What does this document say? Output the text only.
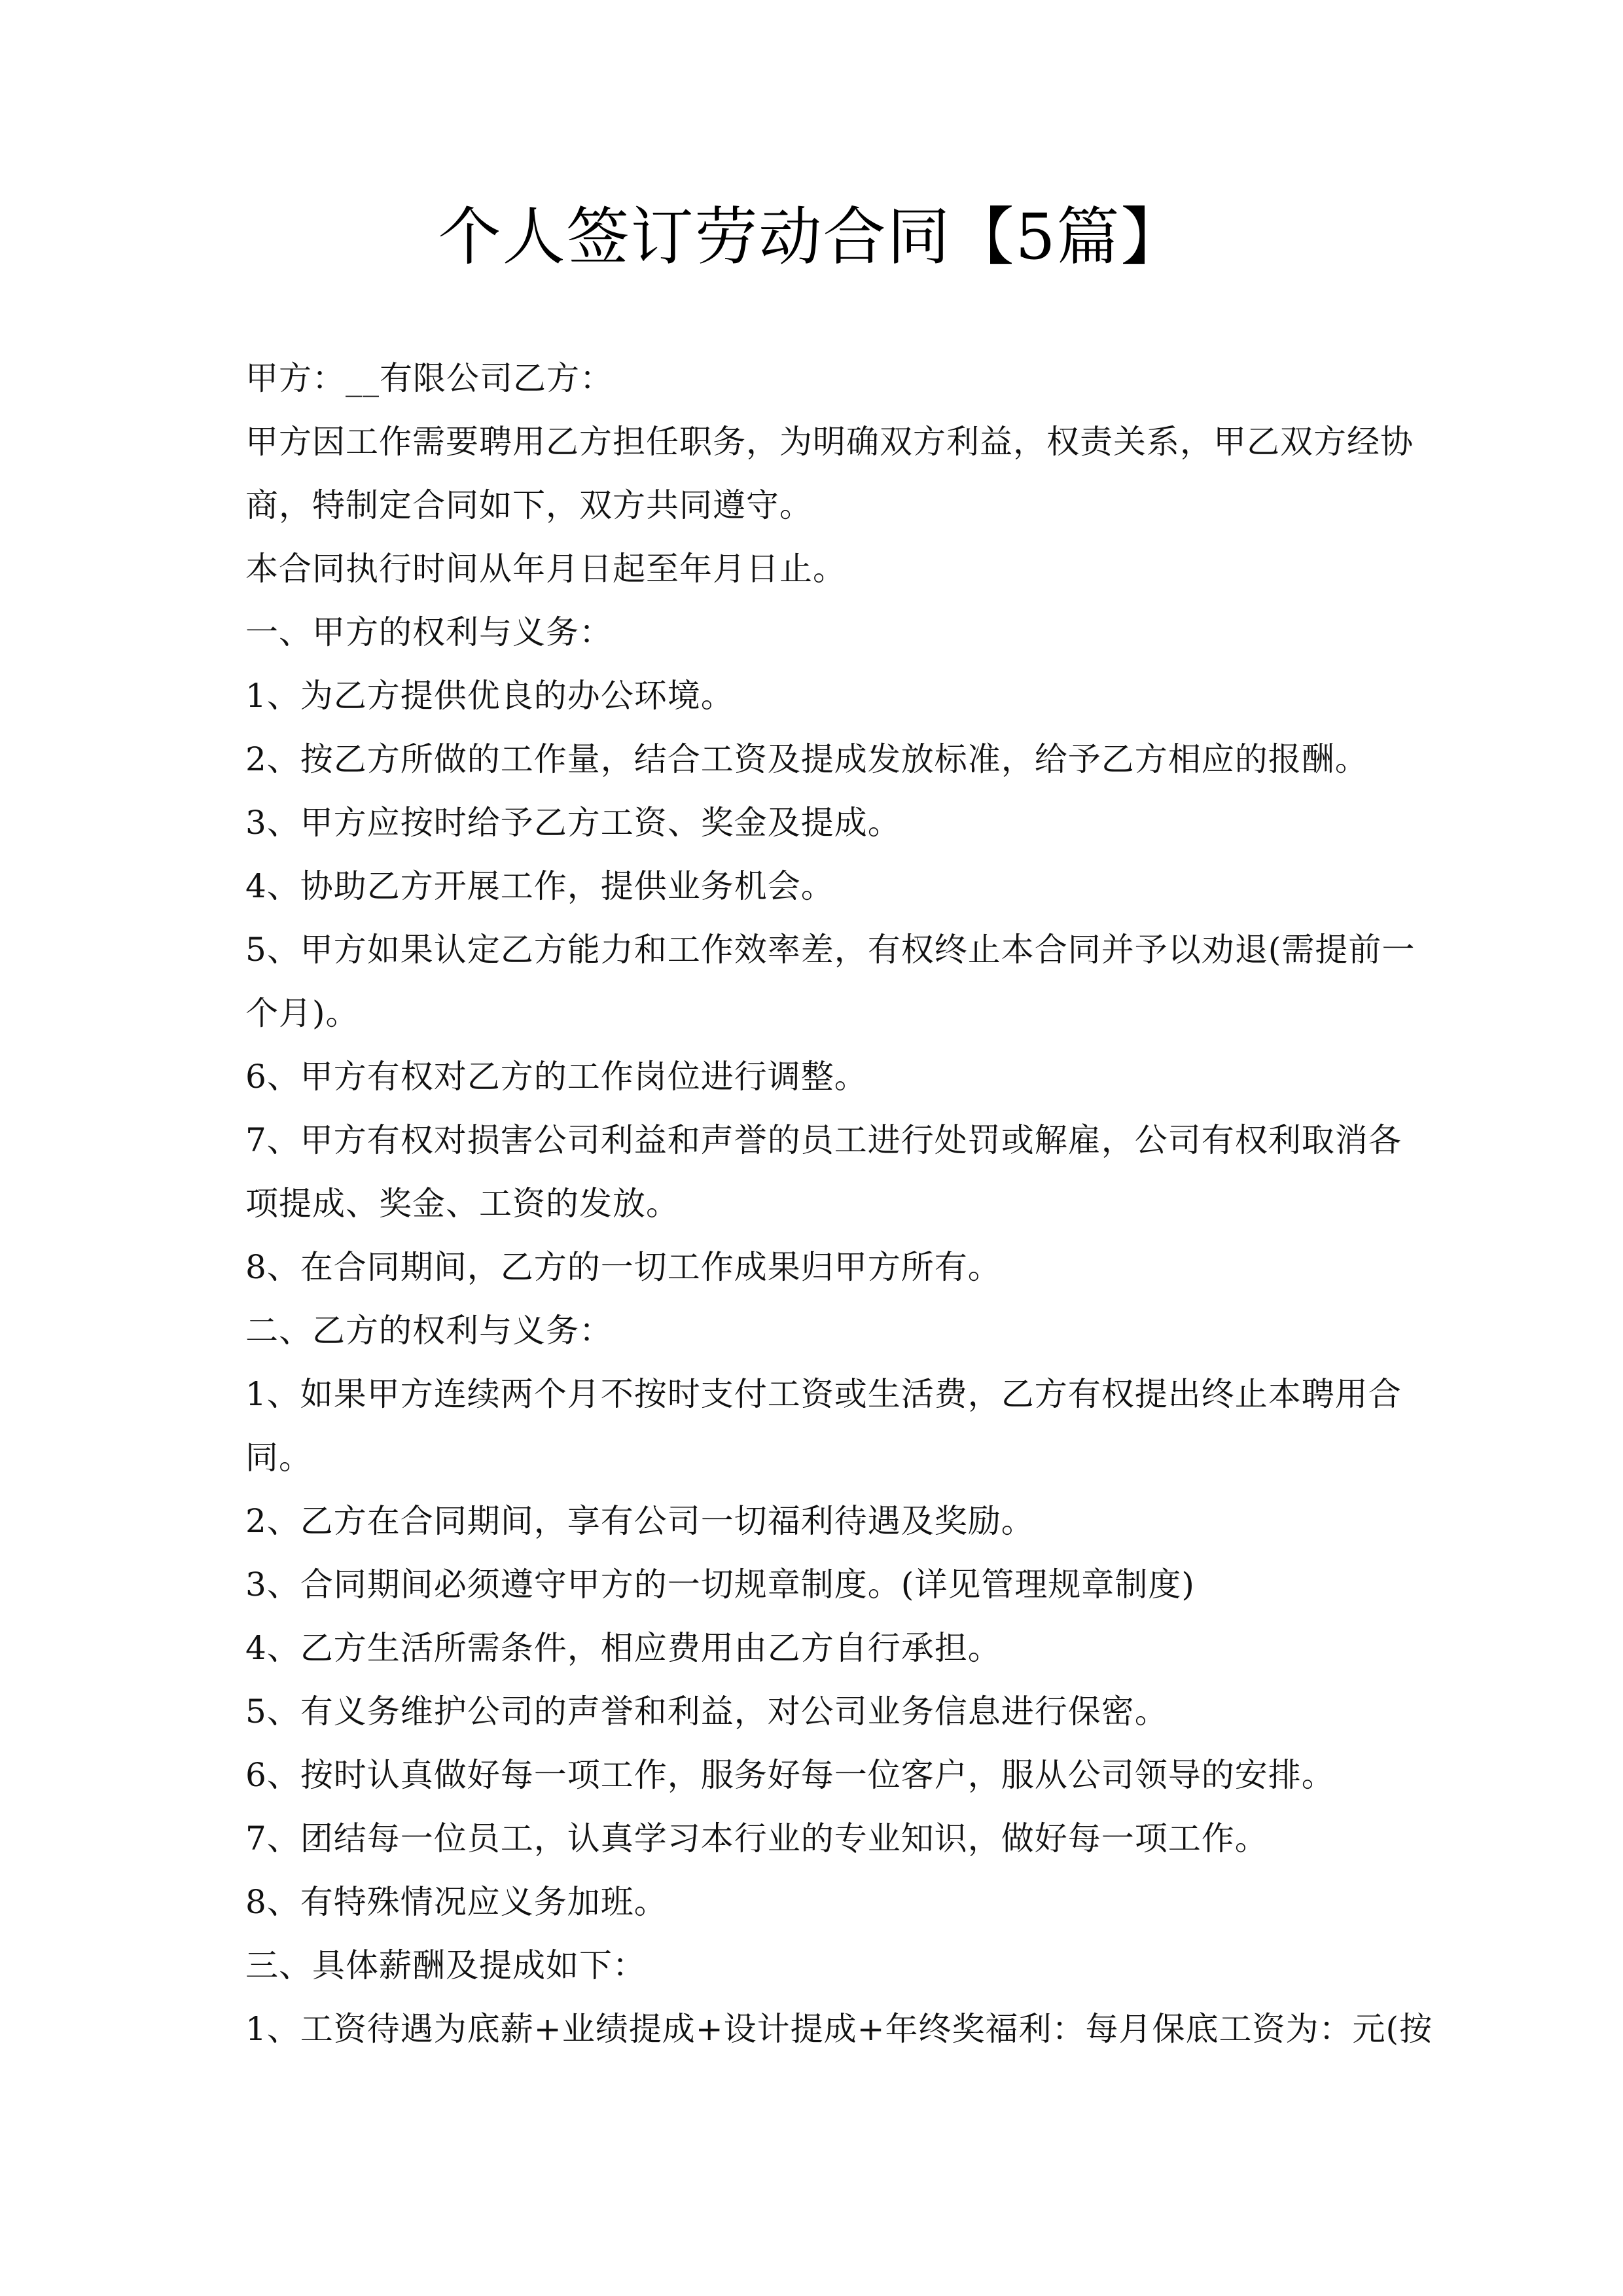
个人签订劳动合同【5篇】
甲方：__有限公司乙方：
甲方因工作需要聘用乙方担任职务，为明确双方利益，权责关系，甲乙双方经协
商，特制定合同如下，双方共同遵守。
本合同执行时间从年月日起至年月日止。
一、甲方的权利与义务：
1、为乙方提供优良的办公环境。
2、按乙方所做的工作量，结合工资及提成发放标准，给予乙方相应的报酬。
3、甲方应按时给予乙方工资、奖金及提成。
4、协助乙方开展工作，提供业务机会。
5、甲方如果认定乙方能力和工作效率差，有权终止本合同并予以劝退(需提前一
个月)。
6、甲方有权对乙方的工作岗位进行调整。
7、甲方有权对损害公司利益和声誉的员工进行处罚或解雇，公司有权利取消各
项提成、奖金、工资的发放。
8、在合同期间，乙方的一切工作成果归甲方所有。
二、乙方的权利与义务：
1、如果甲方连续两个月不按时支付工资或生活费，乙方有权提出终止本聘用合
同。
2、乙方在合同期间，享有公司一切福利待遇及奖励。
3、合同期间必须遵守甲方的一切规章制度。(详见管理规章制度)
4、乙方生活所需条件，相应费用由乙方自行承担。
5、有义务维护公司的声誉和利益，对公司业务信息进行保密。
6、按时认真做好每一项工作，服务好每一位客户，服从公司领导的安排。
7、团结每一位员工，认真学习本行业的专业知识，做好每一项工作。
8、有特殊情况应义务加班。
三、具体薪酬及提成如下：
1、工资待遇为底薪+业绩提成+设计提成+年终奖福利：每月保底工资为：元(按
